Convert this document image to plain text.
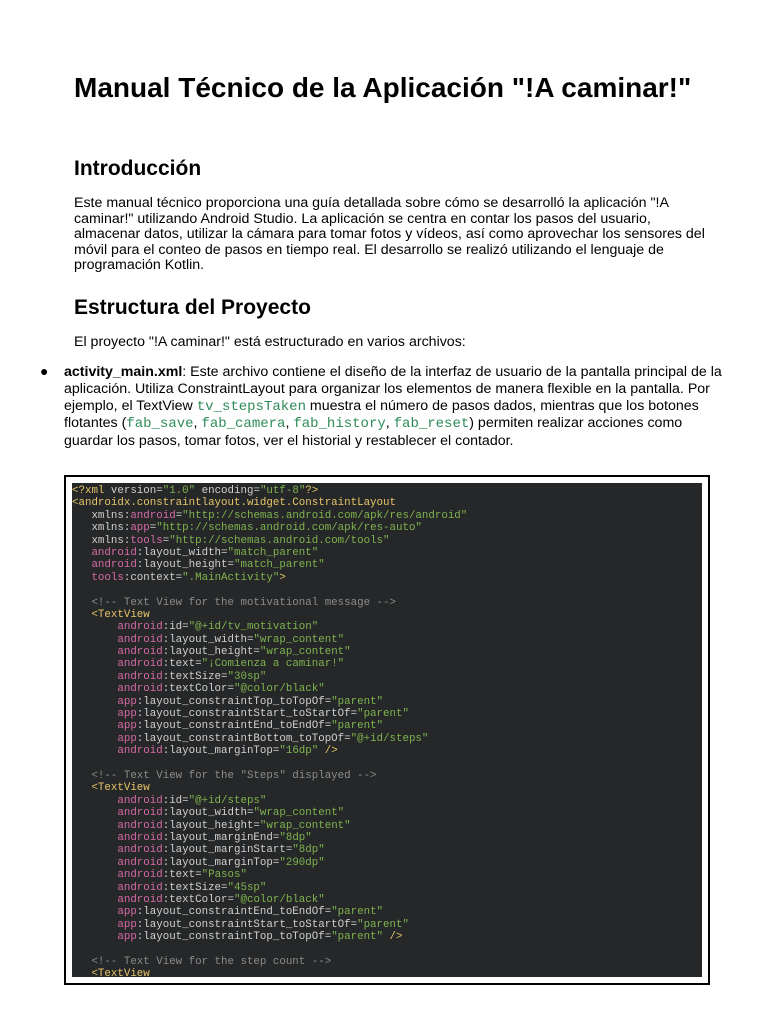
Manual Técnico de la Aplicación "!A caminar!"
Introducción

Este manual técnico proporciona una guía detallada sobre cómo se desarrolló la aplicación "!A caminar!" utilizando Android Studio. La aplicación se centra en contar los pasos del usuario, almacenar datos, utilizar la cámara para tomar fotos y vídeos, así como aprovechar los sensores del móvil para el conteo de pasos en tiempo real. El desarrollo se realizó utilizando el lenguaje de programación Kotlin.

Estructura del Proyecto

El proyecto "!A caminar!" está estructurado en varios archivos:

● activity_main.xml: Este archivo contiene el diseño de la interfaz de usuario de la pantalla principal de la aplicación. Utiliza ConstraintLayout para organizar los elementos de manera flexible en la pantalla. Por ejemplo, el TextView tv_stepsTaken muestra el número de pasos dados, mientras que los botones flotantes (fab_save, fab_camera, fab_history, fab_reset) permiten realizar acciones como guardar los pasos, tomar fotos, ver el historial y restablecer el contador.

<?xml version="1.0" encoding="utf-8"?>
<androidx.constraintlayout.widget.ConstraintLayout
xmlns:android="http://schemas.android.com/apk/res/android"
xmlns:app="http://schemas.android.com/apk/res-auto"
xmlns:tools="http://schemas.android.com/tools"
android:layout_width="match_parent"
android:layout_height="match_parent"
tools:context=".MainActivity">

<!-- Text View for the motivational message -->
<TextView
android:id="@+id/tv_motivation"
android:layout_width="wrap_content"
android:layout_height="wrap_content"
android:text="¡Comienza a caminar!"
android:textSize="30sp"
android:textColor="@color/black"
app:layout_constraintTop_toTopOf="parent"
app:layout_constraintStart_toStartOf="parent"
app:layout_constraintEnd_toEndOf="parent"
app:layout_constraintBottom_toTopOf="@+id/steps"
android:layout_marginTop="16dp" />

<!-- Text View for the "Steps" displayed -->
<TextView
android:id="@+id/steps"
android:layout_width="wrap_content"
android:layout_height="wrap_content"
android:layout_marginEnd="8dp"
android:layout_marginStart="8dp"
android:layout_marginTop="290dp"
android:text="Pasos"
android:textSize="45sp"
android:textColor="@color/black"
app:layout_constraintEnd_toEndOf="parent"
app:layout_constraintStart_toStartOf="parent"
app:layout_constraintTop_toTopOf="parent" />

<!-- Text View for the step count -->
<TextView
